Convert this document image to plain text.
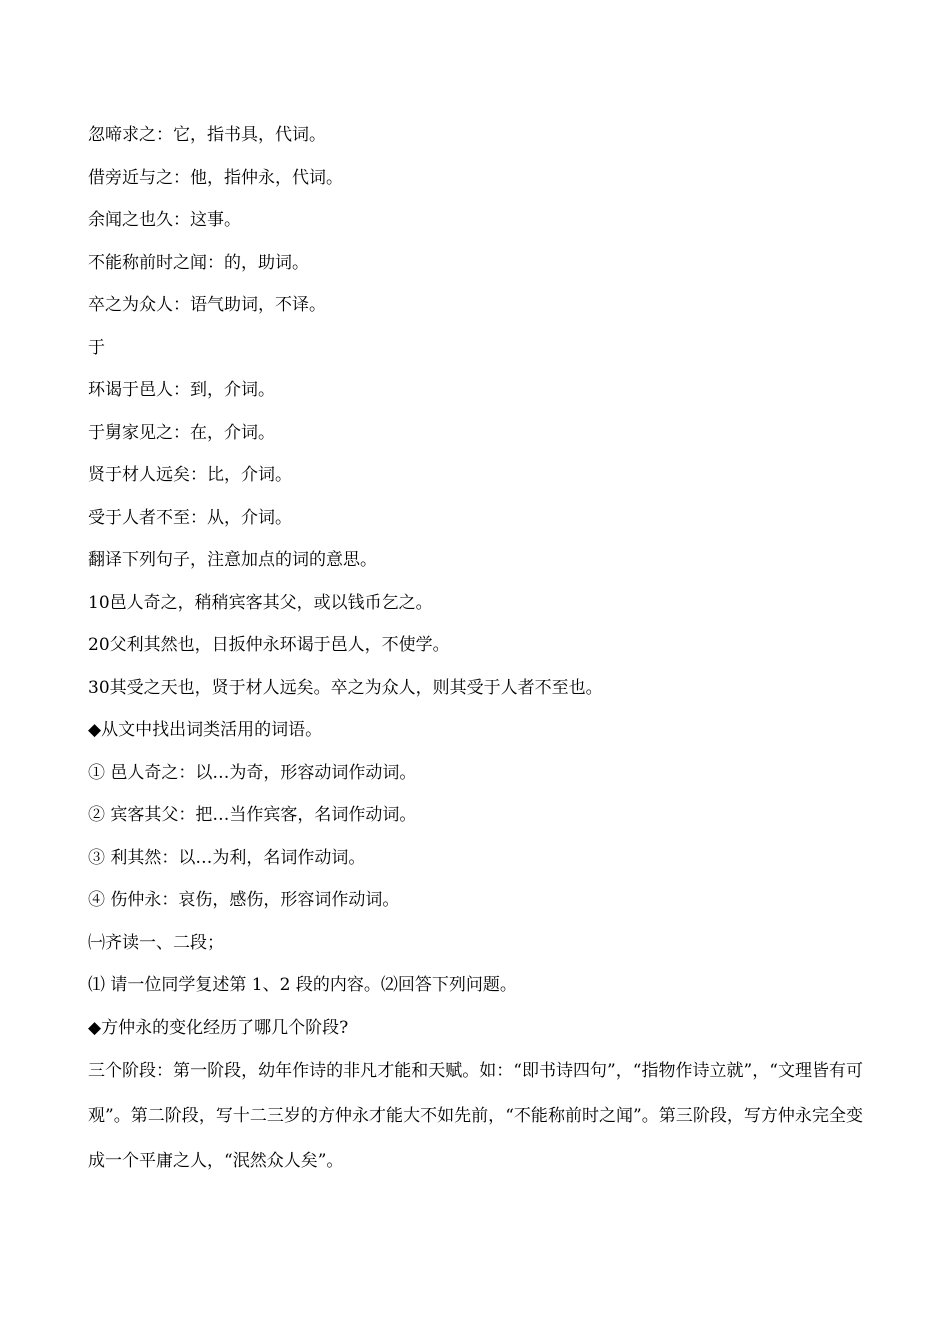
忽啼求之：它，指书具，代词。
借旁近与之：他，指仲永，代词。
余闻之也久：这事。
不能称前时之闻：的，助词。
卒之为众人：语气助词，不译。
于
环谒于邑人：到，介词。
于舅家见之：在，介词。
贤于材人远矣：比，介词。
受于人者不至：从，介词。
翻译下列句子，注意加点的词的意思。
10邑人奇之，稍稍宾客其父，或以钱币乞之。
20父利其然也，日扳仲永环谒于邑人，不使学。
30其受之天也，贤于材人远矣。卒之为众人，则其受于人者不至也。
◆从文中找出词类活用的词语。
① 邑人奇之：以…为奇，形容动词作动词。
② 宾客其父：把…当作宾客，名词作动词。
③ 利其然：以…为利，名词作动词。
④ 伤仲永：哀伤，感伤，形容词作动词。
㈠齐读一、二段；
⑴ 请一位同学复述第 1、2 段的内容。⑵回答下列问题。
◆方仲永的变化经历了哪几个阶段?
三个阶段：第一阶段，幼年作诗的非凡才能和天赋。如：“即书诗四句”，“指物作诗立就”，“文理皆有可观”。第二阶段，写十二三岁的方仲永才能大不如先前，“不能称前时之闻”。第三阶段，写方仲永完全变成一个平庸之人，“泯然众人矣”。
